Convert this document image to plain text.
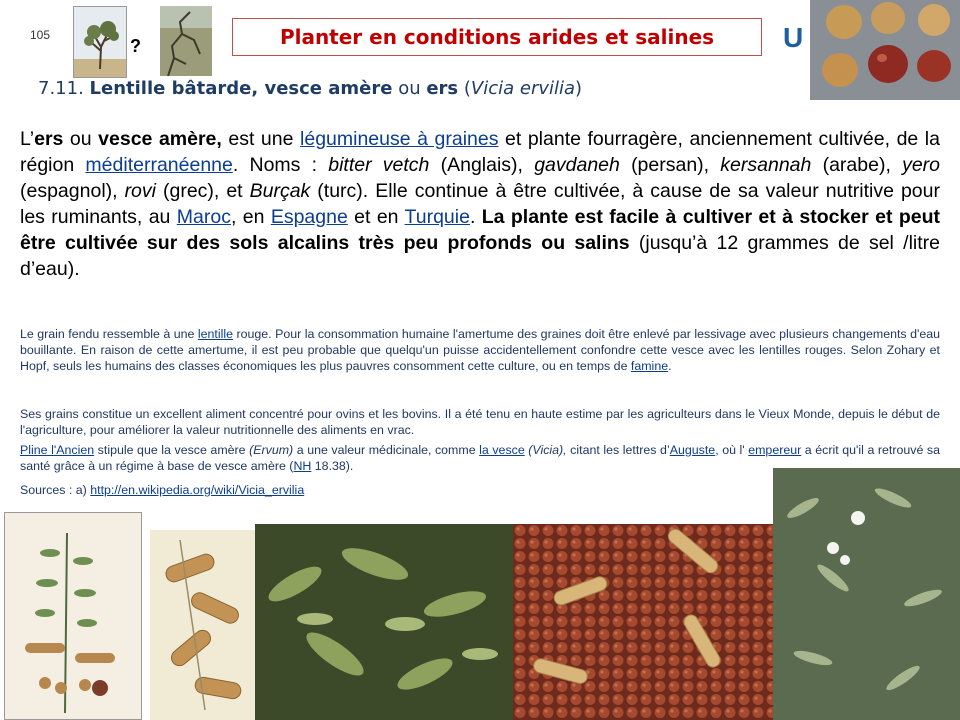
105
?	Planter en conditions arides et salines U
7.11. Lentille bâtarde, vesce amère ou ers (Vicia ervilia)
L’ers ou vesce amère, est une légumineuse à graines et plante fourragère, anciennement cultivée, de la région méditerranéenne. Noms : bitter vetch (Anglais), gavdaneh (persan), kersannah (arabe), yero (espagnol), rovi (grec), et Burçak (turc). Elle continue à être cultivée, à cause de sa valeur nutritive pour les ruminants, au Maroc, en Espagne et en Turquie. La plante est facile à cultiver et à stocker et peut être cultivée sur des sols alcalins très peu profonds ou salins (jusqu’à 12 grammes de sel /litre d’eau).
Le grain fendu ressemble à une lentille rouge. Pour la consommation humaine l'amertume des graines doit être enlevé par lessivage avec plusieurs changements d'eau bouillante. En raison de cette amertume, il est peu probable que quelqu'un puisse accidentellement confondre cette vesce avec les lentilles rouges. Selon Zohary et Hopf, seuls les humains des classes économiques les plus pauvres consomment cette culture, ou en temps de famine.
Ses grains constitue un excellent aliment concentré pour ovins et les bovins. Il a été tenu en haute estime par les agriculteurs dans le Vieux Monde, depuis le début de l'agriculture, pour améliorer la valeur nutritionnelle des aliments en vrac.
Pline l'Ancien stipule que la vesce amère (Ervum) a une valeur médicinale, comme la vesce (Vicia), citant les lettres d’Auguste, où l' empereur a écrit qu'il a retrouvé sa santé grâce à un régime à base de vesce amère (NH 18.38).
Sources : a) http://en.wikipedia.org/wiki/Vicia_ervilia
